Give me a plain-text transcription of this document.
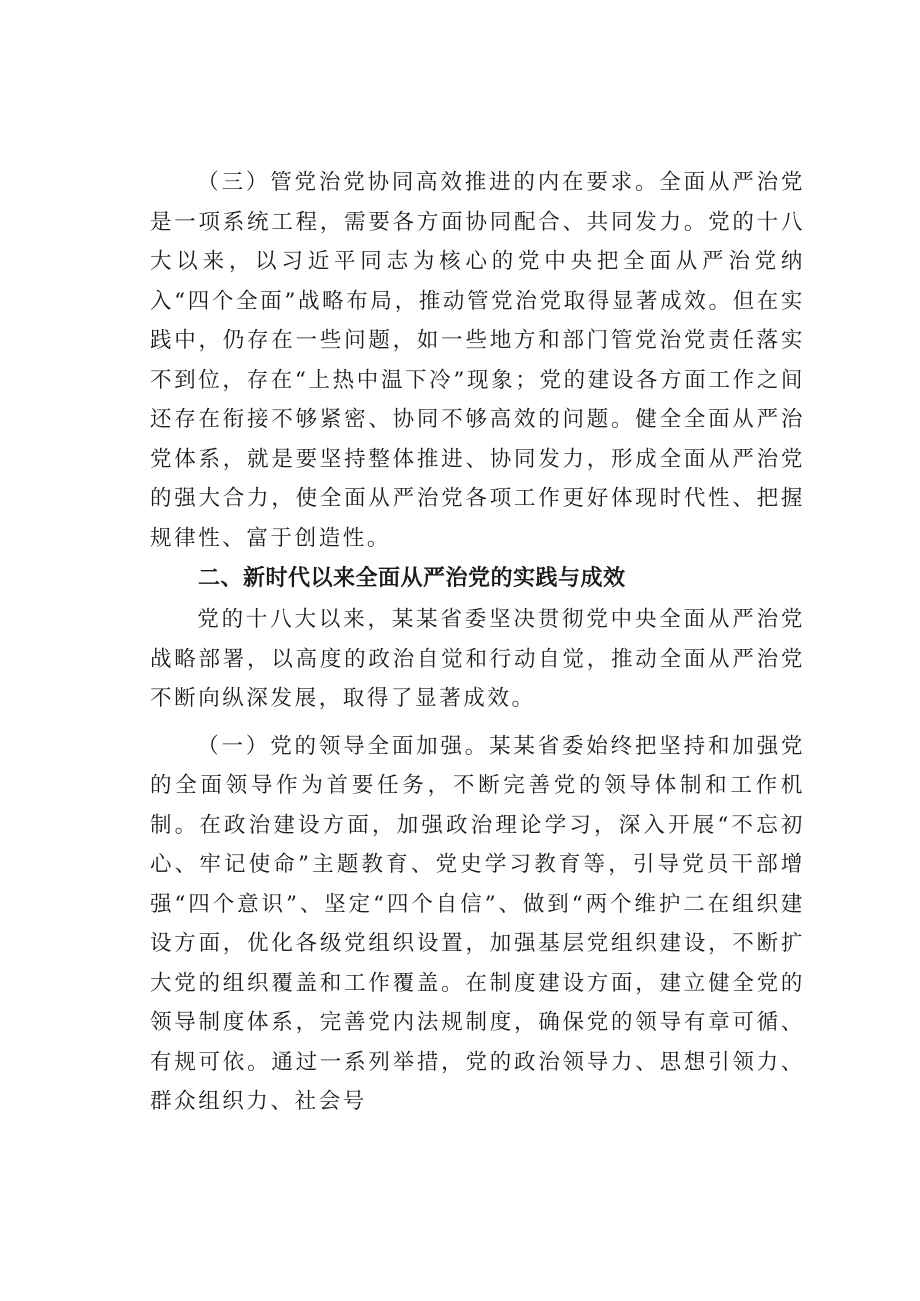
（三）管党治党协同高效推进的内在要求。全面从严治党是一项系统工程，需要各方面协同配合、共同发力。党的十八大以来，以习近平同志为核心的党中央把全面从严治党纳入“四个全面”战略布局，推动管党治党取得显著成效。但在实践中，仍存在一些问题，如一些地方和部门管党治党责任落实不到位，存在“上热中温下冷”现象；党的建设各方面工作之间还存在衔接不够紧密、协同不够高效的问题。健全全面从严治党体系，就是要坚持整体推进、协同发力，形成全面从严治党的强大合力，使全面从严治党各项工作更好体现时代性、把握规律性、富于创造性。

二、新时代以来全面从严治党的实践与成效

党的十八大以来，某某省委坚决贯彻党中央全面从严治党战略部署，以高度的政治自觉和行动自觉，推动全面从严治党不断向纵深发展，取得了显著成效。

（一）党的领导全面加强。某某省委始终把坚持和加强党的全面领导作为首要任务，不断完善党的领导体制和工作机制。在政治建设方面，加强政治理论学习，深入开展“不忘初心、牢记使命”主题教育、党史学习教育等，引导党员干部增强“四个意识”、坚定“四个自信”、做到“两个维护二在组织建设方面，优化各级党组织设置，加强基层党组织建设，不断扩大党的组织覆盖和工作覆盖。在制度建设方面，建立健全党的领导制度体系，完善党内法规制度，确保党的领导有章可循、有规可依。通过一系列举措，党的政治领导力、思想引领力、群众组织力、社会号
